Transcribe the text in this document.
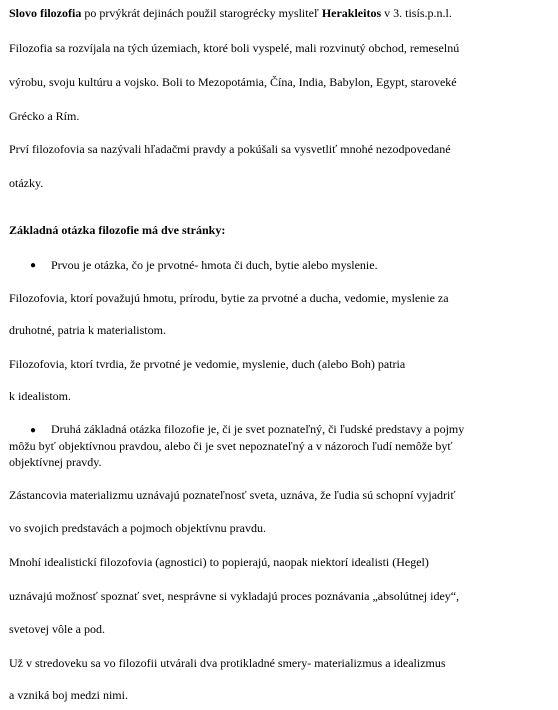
Slovo filozofia po prvýkrát dejinách použil starogrécky mysliteľ Herakleitos v 3. tisís.p.n.l.
Filozofia sa rozvíjala na tých územiach, ktoré boli vyspelé, mali rozvinutý obchod, remeselnú
výrobu, svoju kultúru a vojsko. Boli to Mezopotámia, Čína, India, Babylon, Egypt, staroveké
Grécko a Rím.
Prví filozofovia sa nazývali hľadačmi pravdy a pokúšali sa vysvetliť mnohé nezodpovedané
otázky.
Základná otázka filozofie má dve stránky:
● Prvou je otázka, čo je prvotné- hmota či duch, bytie alebo myslenie.
Filozofovia, ktorí považujú hmotu, prírodu, bytie za prvotné a ducha, vedomie, myslenie za
druhotné, patria k materialistom.
Filozofovia, ktorí tvrdia, že prvotné je vedomie, myslenie, duch (alebo Boh) patria
k idealistom.
● Druhá základná otázka filozofie je, či je svet poznateľný, či ľudské predstavy a pojmy
môžu byť objektívnou pravdou, alebo či je svet nepoznateľný a v názoroch ľudí nemôže byť
objektívnej pravdy.
Zástancovia materializmu uznávajú poznateľnosť sveta, uznáva, že ľudia sú schopní vyjadriť
vo svojich predstavách a pojmoch objektívnu pravdu.
Mnohí idealistickí filozofovia (agnostici) to popierajú, naopak niektorí idealisti (Hegel)
uznávajú možnosť spoznať svet, nesprávne si vykladajú proces poznávania „absolútnej idey“,
svetovej vôle a pod.
Už v stredoveku sa vo filozofii utvárali dva protikladné smery- materializmus a idealizmus
a vzniká boj medzi nimi.
